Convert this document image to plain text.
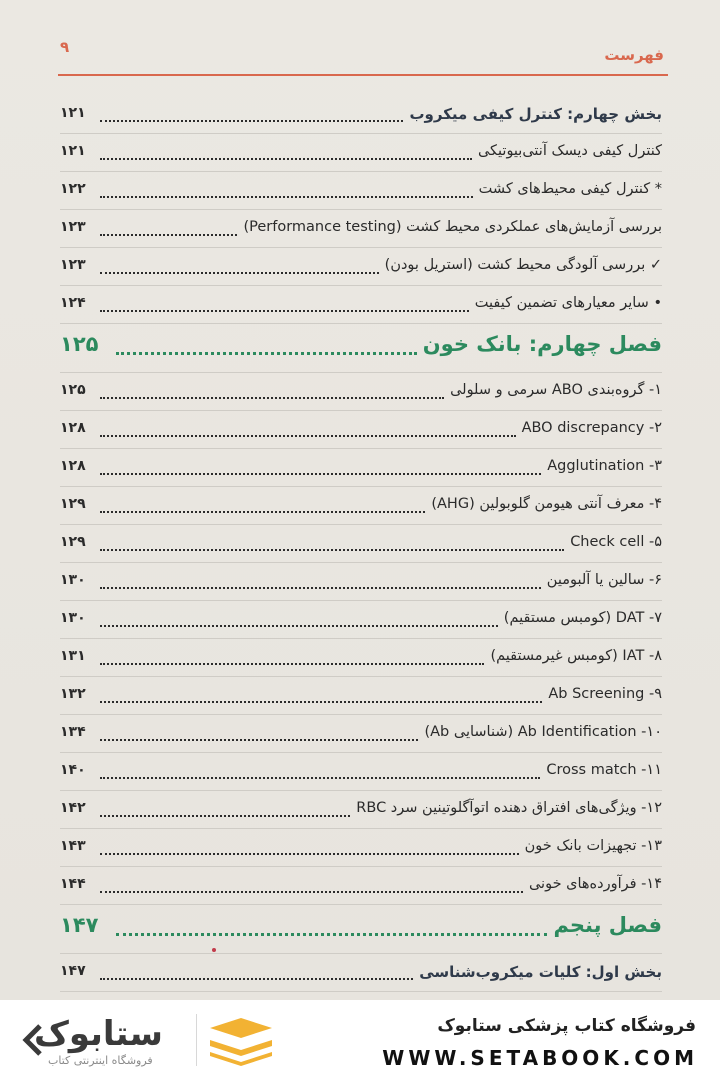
فهرست
۹
بخش چهارم: کنترل کیفی میکروب
۱۲۱
کنترل کیفی دیسک آنتی‌بیوتیکی
۱۲۱
* کنترل کیفی محیط‌های کشت
۱۲۲
بررسی آزمایش‌های عملکردی محیط کشت (Performance testing)
۱۲۳
✓ بررسی آلودگی محیط کشت (استریل بودن)
۱۲۳
• سایر معیارهای تضمین کیفیت
۱۲۴
فصل چهارم: بانک خون
۱۲۵
۱- گروه‌بندی ABO سرمی و سلولی
۱۲۵
۲- ABO discrepancy
۱۲۸
۳- Agglutination
۱۲۸
۴- معرف آنتی هیومن گلوبولین (AHG)
۱۲۹
۵- Check cell
۱۲۹
۶- سالین یا آلبومین
۱۳۰
۷- DAT (کومبس مستقیم)
۱۳۰
۸- IAT (کومبس غیرمستقیم)
۱۳۱
۹- Ab Screening
۱۳۲
۱۰- Ab Identification (شناسایی Ab)
۱۳۴
۱۱- Cross match
۱۴۰
۱۲- ویژگی‌های افتراق دهنده اتوآگلوتینین سرد RBC
۱۴۲
۱۳- تجهیزات بانک خون
۱۴۳
۱۴- فرآورده‌های خونی
۱۴۴
فصل پنجم
۱۴۷
بخش اول: کلیات میکروب‌شناسی
۱۴۷
ستابوک
فروشگاه اینترنتی کتاب
فروشگاه کتاب پزشکی ستابوک
WWW.SETABOOK.COM
